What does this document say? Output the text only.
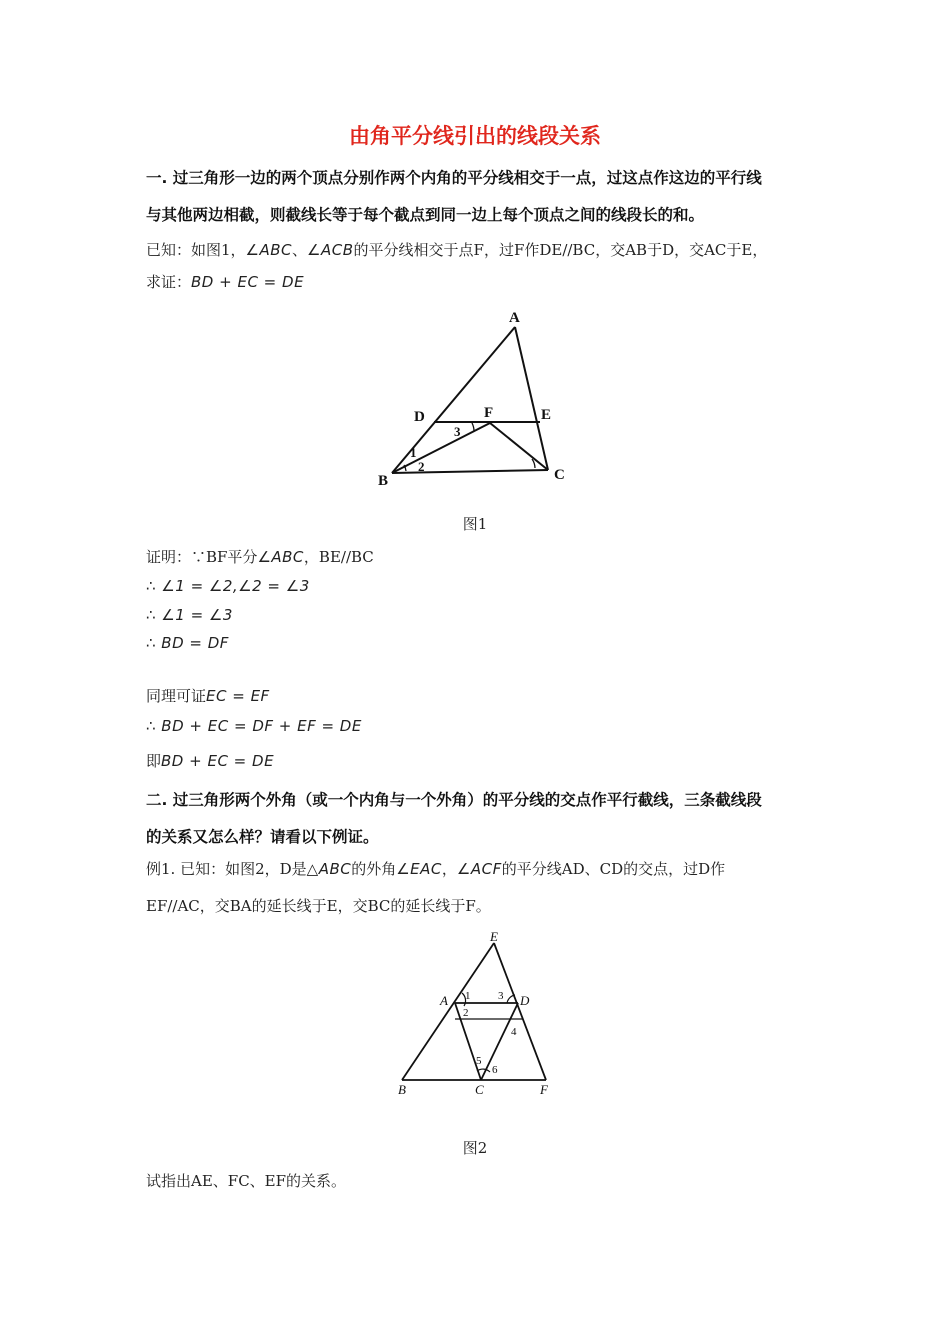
由角平分线引出的线段关系
一. 过三角形一边的两个顶点分别作两个内角的平分线相交于一点，过这点作这边的平行线
与其他两边相截，则截线长等于每个截点到同一边上每个顶点之间的线段长的和。
已知：如图1，∠ABC、∠ACB的平分线相交于点F，过F作DE//BC，交AB于D，交AC于E，
求证：BD + EC = DE
A
B	C
D	E
F
1
2
3
图1
证明：∵BF平分∠ABC，BE//BC
∴ ∠1 = ∠2,∠2 = ∠3
∴ ∠1 = ∠3
∴ BD = DF
同理可证EC = EF
∴ BD + EC = DF + EF = DE
即BD + EC = DE
二. 过三角形两个外角（或一个内角与一个外角）的平分线的交点作平行截线，三条截线段
的关系又怎么样？请看以下例证。
例1. 已知：如图2，D是△ABC的外角∠EAC，∠ACF的平分线AD、CD的交点，过D作
EF//AC，交BA的延长线于E，交BC的延长线于F。
E
A	D
B	C	F
1
2
3
4
5
6
图2
试指出AE、FC、EF的关系。
